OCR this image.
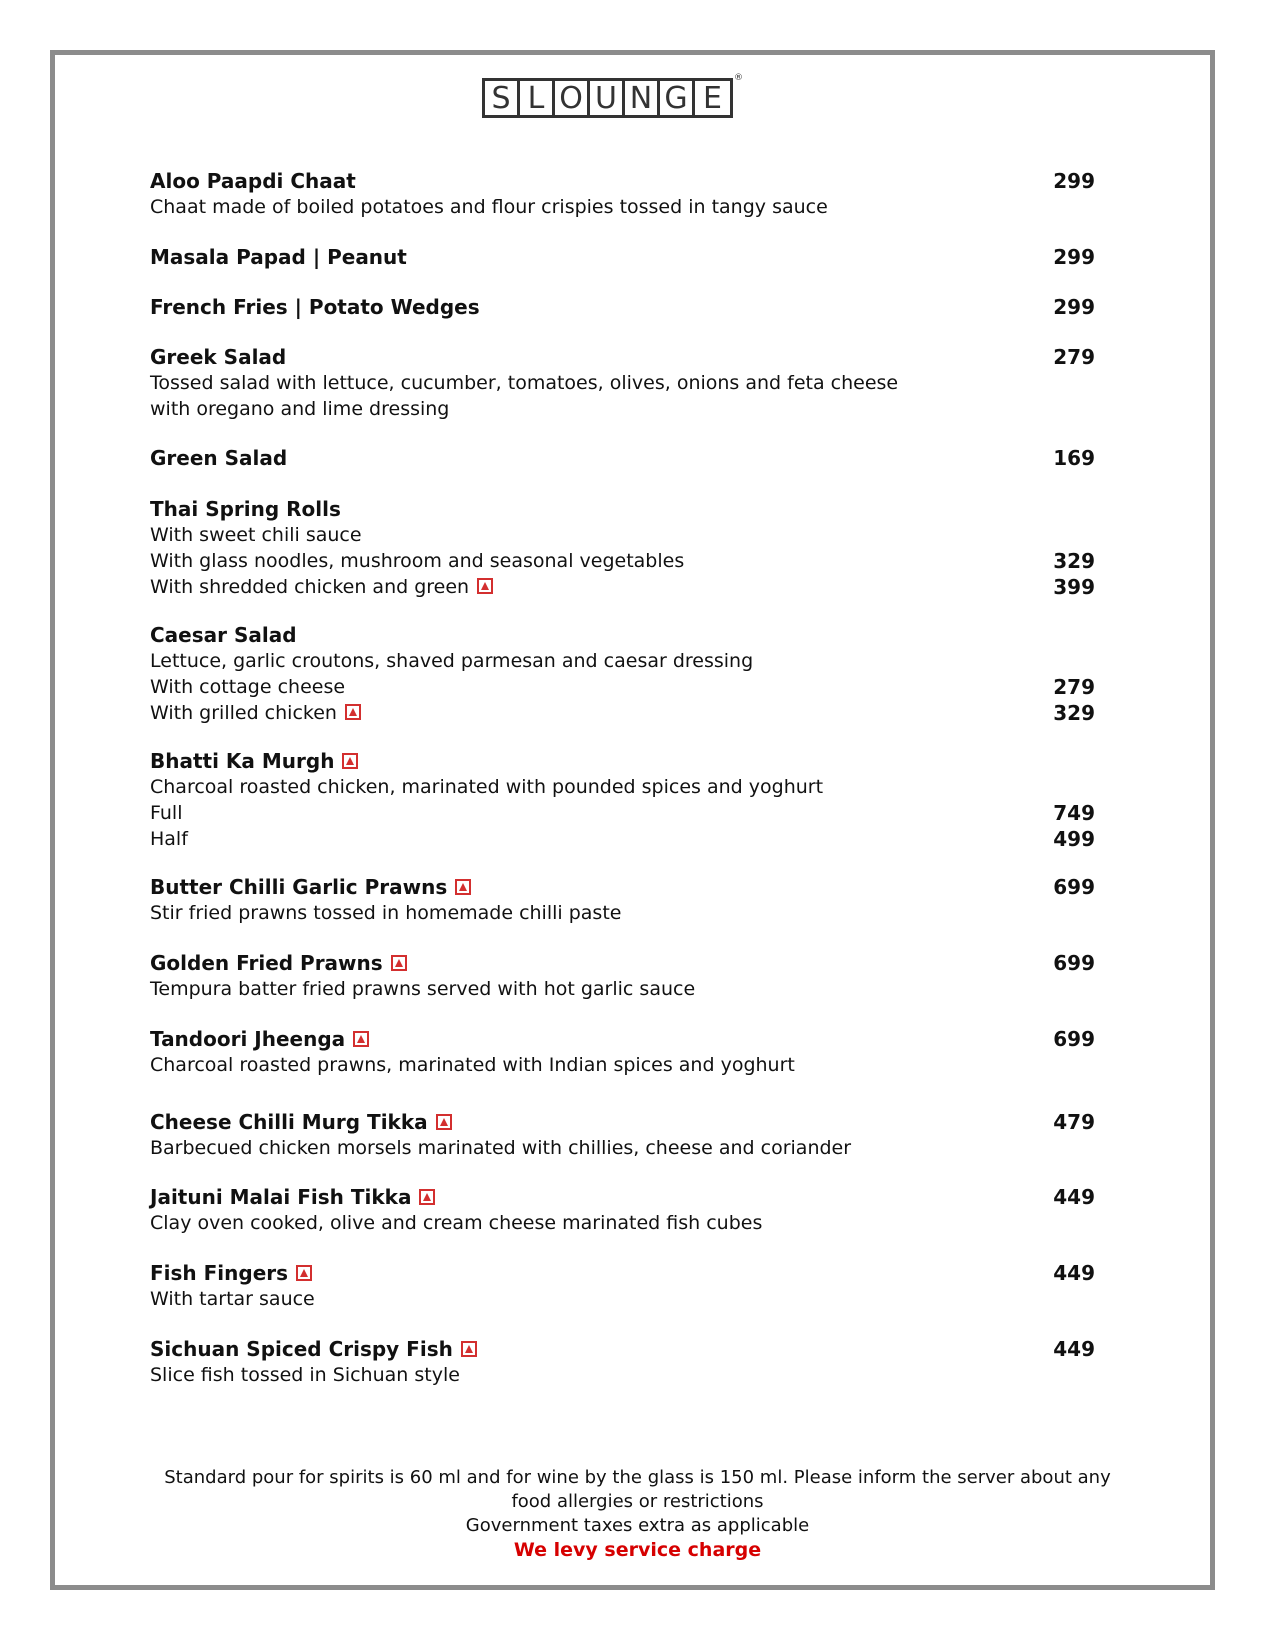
S L O U N G E
®
Aloo Paapdi Chaat	299
Chaat made of boiled potatoes and flour crispies tossed in tangy sauce
Masala Papad | Peanut	299
French Fries | Potato Wedges	299
Greek Salad	279
Tossed salad with lettuce, cucumber, tomatoes, olives, onions and feta cheese
with oregano and lime dressing
Green Salad	169
Thai Spring Rolls
With sweet chili sauce
With glass noodles, mushroom and seasonal vegetables	329
With shredded chicken and green	399
Caesar Salad
Lettuce, garlic croutons, shaved parmesan and caesar dressing
With cottage cheese	279
With grilled chicken	329
Bhatti Ka Murgh
Charcoal roasted chicken, marinated with pounded spices and yoghurt
Full	749
Half	499
Butter Chilli Garlic Prawns	699
Stir fried prawns tossed in homemade chilli paste
Golden Fried Prawns	699
Tempura batter fried prawns served with hot garlic sauce
Tandoori Jheenga	699
Charcoal roasted prawns, marinated with Indian spices and yoghurt
Cheese Chilli Murg Tikka	479
Barbecued chicken morsels marinated with chillies, cheese and coriander
Jaituni Malai Fish Tikka	449
Clay oven cooked, olive and cream cheese marinated fish cubes
Fish Fingers	449
With tartar sauce
Sichuan Spiced Crispy Fish	449
Slice fish tossed in Sichuan style
Standard pour for spirits is 60 ml and for wine by the glass is 150 ml. Please inform the server about any
food allergies or restrictions
Government taxes extra as applicable
We levy service charge
